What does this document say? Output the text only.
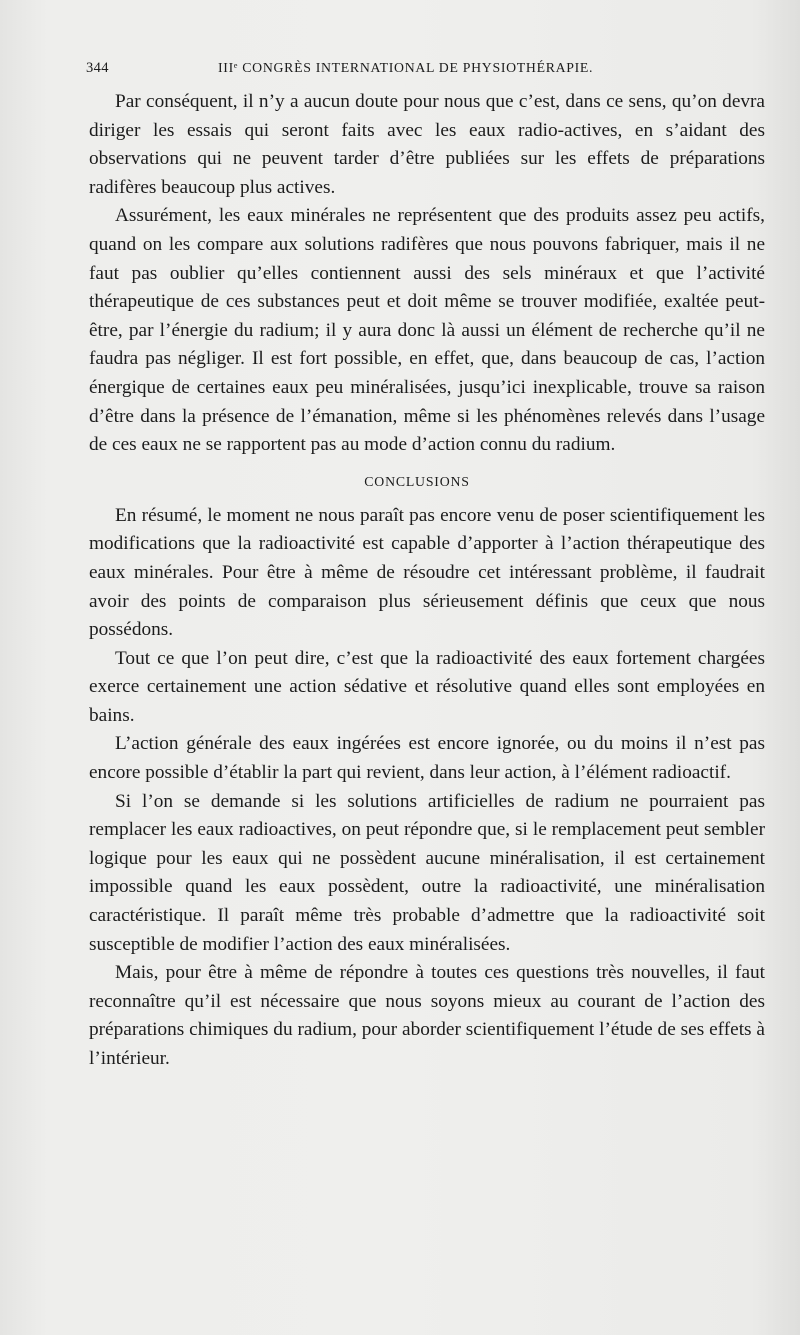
344	IIIᵉ CONGRÈS INTERNATIONAL DE PHYSIOTHÉRAPIE.

Par conséquent, il n’y a aucun doute pour nous que c’est, dans ce sens, qu’on devra diriger les essais qui seront faits avec les eaux radio-actives, en s’aidant des observations qui ne peuvent tarder d’être publiées sur les effets de préparations radifères beaucoup plus actives.

Assurément, les eaux minérales ne représentent que des produits assez peu actifs, quand on les compare aux solutions radifères que nous pouvons fabriquer, mais il ne faut pas oublier qu’elles contiennent aussi des sels minéraux et que l’activité thérapeutique de ces substances peut et doit même se trouver modifiée, exaltée peut-être, par l’énergie du radium; il y aura donc là aussi un élément de recherche qu’il ne faudra pas négliger. Il est fort possible, en effet, que, dans beaucoup de cas, l’action énergique de certaines eaux peu minéralisées, jusqu’ici inexplicable, trouve sa raison d’être dans la présence de l’émanation, même si les phénomènes relevés dans l’usage de ces eaux ne se rapportent pas au mode d’action connu du radium.

CONCLUSIONS

En résumé, le moment ne nous paraît pas encore venu de poser scientifiquement les modifications que la radioactivité est capable d’apporter à l’action thérapeutique des eaux minérales. Pour être à même de résoudre cet intéressant problème, il faudrait avoir des points de comparaison plus sérieusement définis que ceux que nous possédons.

Tout ce que l’on peut dire, c’est que la radioactivité des eaux fortement chargées exerce certainement une action sédative et résolutive quand elles sont employées en bains.

L’action générale des eaux ingérées est encore ignorée, ou du moins il n’est pas encore possible d’établir la part qui revient, dans leur action, à l’élément radioactif.

Si l’on se demande si les solutions artificielles de radium ne pourraient pas remplacer les eaux radioactives, on peut répondre que, si le remplacement peut sembler logique pour les eaux qui ne possèdent aucune minéralisation, il est certainement impossible quand les eaux possèdent, outre la radioactivité, une minéralisation caractéristique. Il paraît même très probable d’admettre que la radioactivité soit susceptible de modifier l’action des eaux minéralisées.

Mais, pour être à même de répondre à toutes ces questions très nouvelles, il faut reconnaître qu’il est nécessaire que nous soyons mieux au courant de l’action des préparations chimiques du radium, pour aborder scientifiquement l’étude de ses effets à l’intérieur.
